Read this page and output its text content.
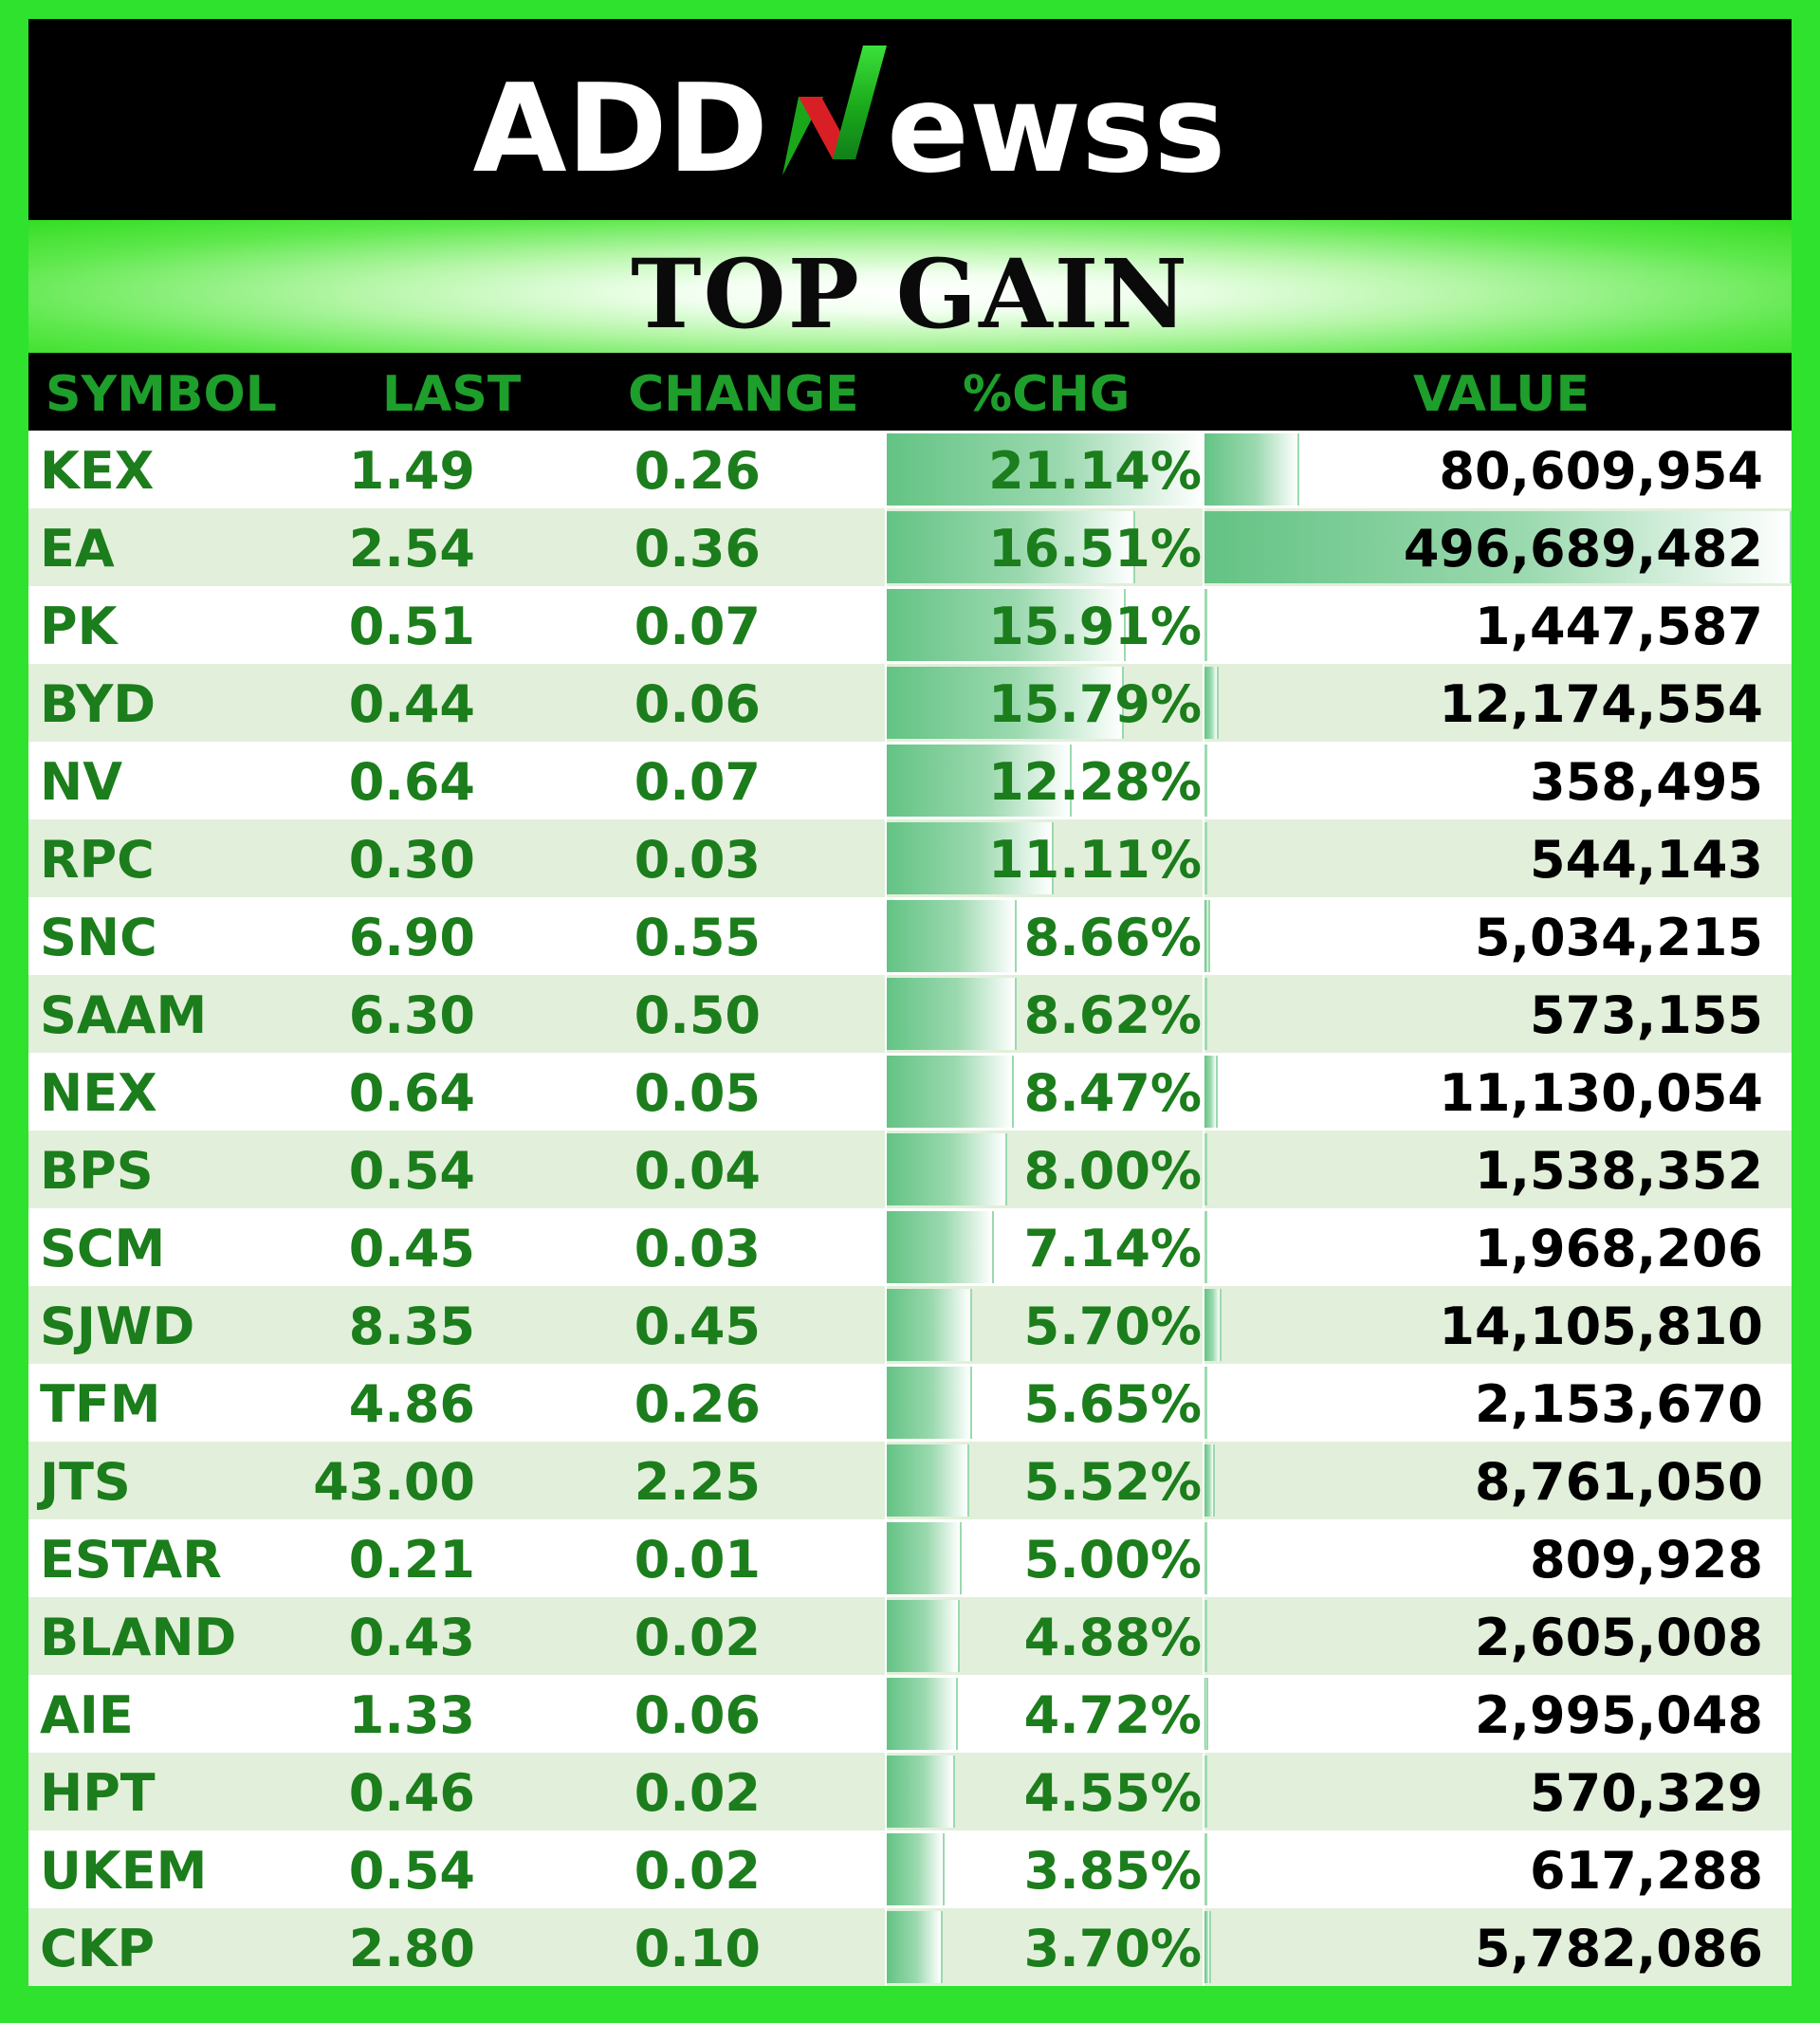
ADD ewss
TOP GAIN
SYMBOL LAST CHANGE %CHG	VALUE
KEX	1.49	0.26	21.14%	80,609,954
EA	2.54	0.36	16.51%	496,689,482
PK	0.51	0.07	15.91%	1,447,587
BYD	0.44	0.06	15.79%	12,174,554
NV	0.64	0.07	12.28%	358,495
RPC	0.30	0.03	11.11%	544,143
SNC	6.90	0.55	8.66%	5,034,215
SAAM	6.30	0.50	8.62%	573,155
NEX	0.64	0.05	8.47%	11,130,054
BPS	0.54	0.04	8.00%	1,538,352
SCM	0.45	0.03	7.14%	1,968,206
SJWD	8.35	0.45	5.70%	14,105,810
TFM	4.86	0.26	5.65%	2,153,670
JTS	43.00	2.25	5.52%	8,761,050
ESTAR 0.21	0.01	5.00%	809,928
BLAND 0.43	0.02	4.88%	2,605,008
AIE	1.33	0.06	4.72%	2,995,048
HPT	0.46	0.02	4.55%	570,329
UKEM	0.54	0.02	3.85%	617,288
CKP	2.80	0.10	3.70%	5,782,086
